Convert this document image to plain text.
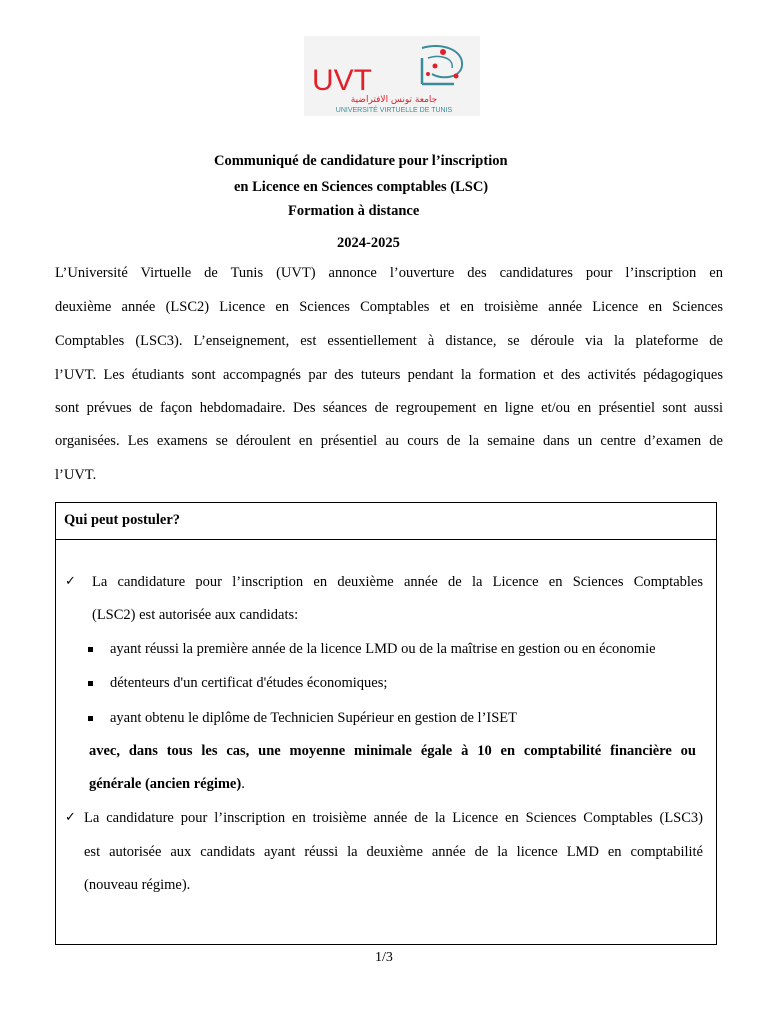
UVT
جامعة تونس الافتراضية
UNIVERSITÉ VIRTUELLE DE TUNIS
Communiqué de candidature pour l’inscription
en Licence en Sciences comptables (LSC)
Formation à distance
2024-2025
L’Université Virtuelle de Tunis (UVT) annonce l’ouverture des candidatures pour l’inscription en
deuxième année (LSC2) Licence en Sciences Comptables et en troisième année Licence en Sciences
Comptables (LSC3). L’enseignement, est essentiellement à distance, se déroule via la plateforme de
l’UVT. Les étudiants sont accompagnés par des tuteurs pendant la formation et des activités pédagogiques
sont prévues de façon hebdomadaire. Des séances de regroupement en ligne et/ou en présentiel sont aussi
organisées. Les examens se déroulent en présentiel au cours de la semaine dans un centre d’examen de
l’UVT.
Qui peut postuler?
✓ La candidature pour l’inscription en deuxième année de la Licence en Sciences Comptables
(LSC2) est autorisée aux candidats:
ayant réussi la première année de la licence LMD ou de la maîtrise en gestion ou en économie
détenteurs d'un certificat d'études économiques;
ayant obtenu le diplôme de Technicien Supérieur en gestion de l’ISET
avec, dans tous les cas, une moyenne minimale égale à 10 en comptabilité financière ou
générale (ancien régime).
✓ La candidature pour l’inscription en troisième année de la Licence en Sciences Comptables (LSC3)
est autorisée aux candidats ayant réussi la deuxième année de la licence LMD en comptabilité
(nouveau régime).
1/3
